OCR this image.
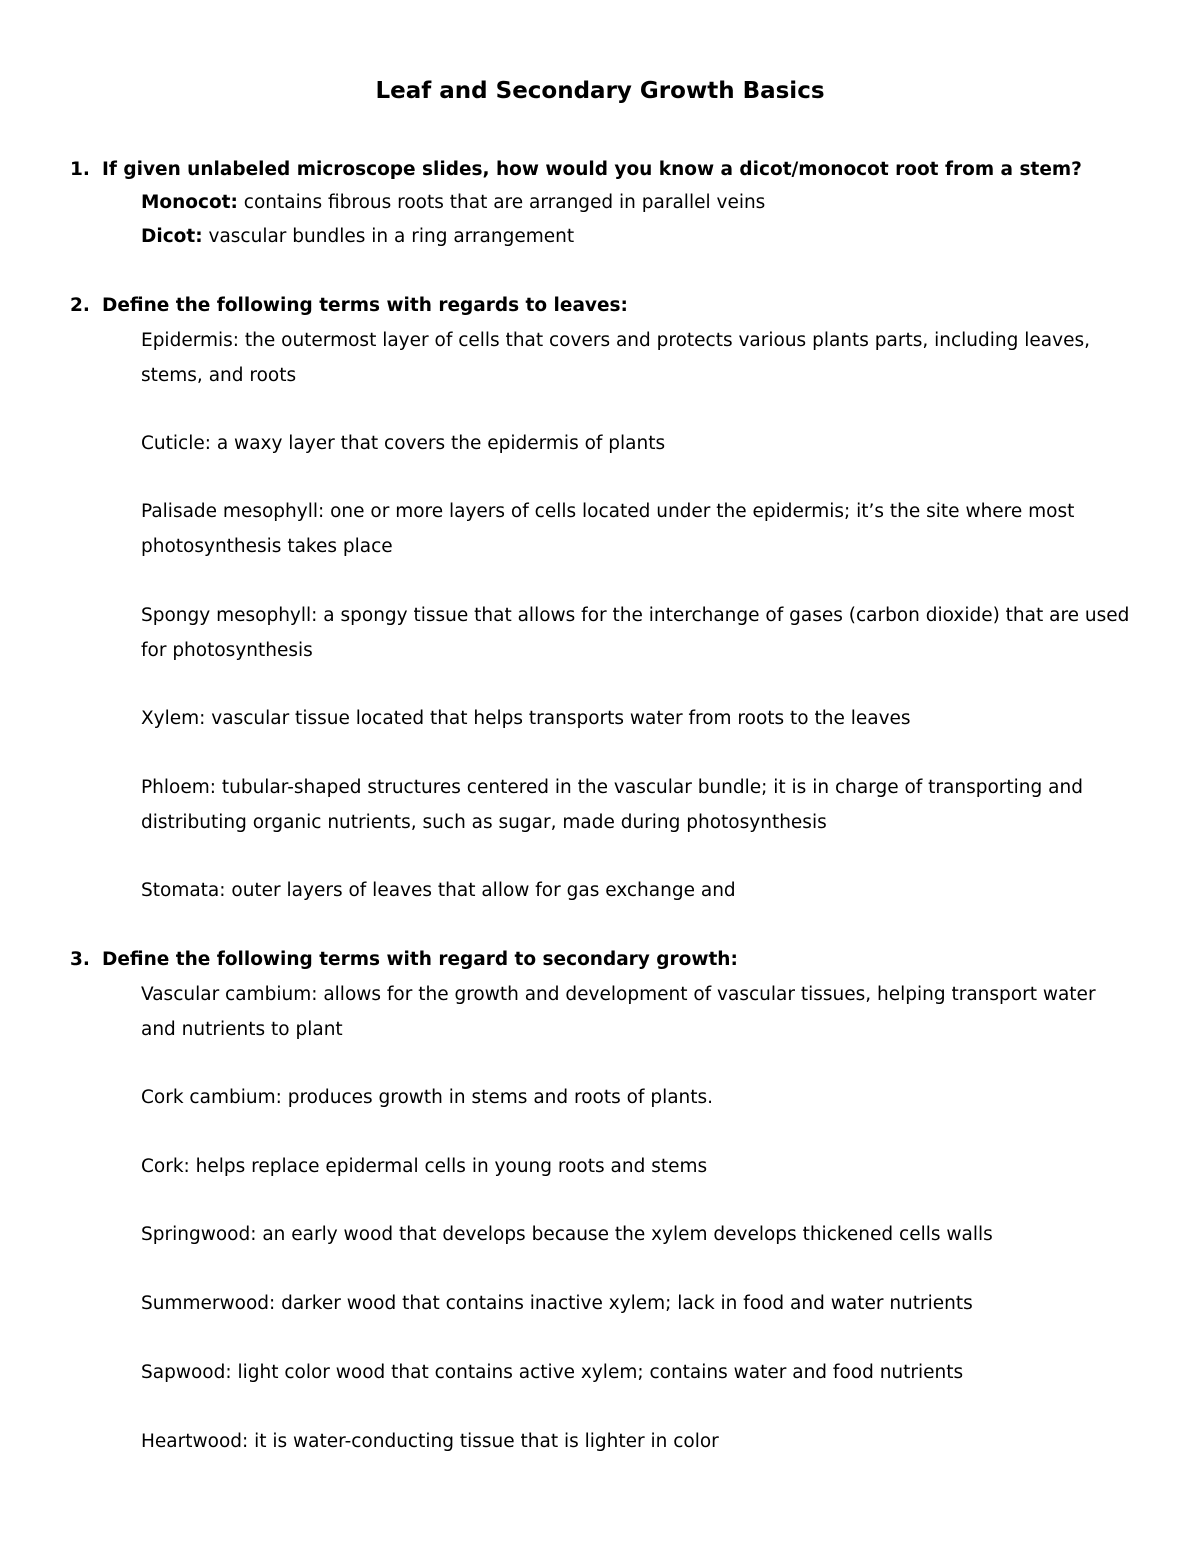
Leaf and Secondary Growth Basics

1. If given unlabeled microscope slides, how would you know a dicot/monocot root from a stem?

Monocot: contains fibrous roots that are arranged in parallel veins

Dicot: vascular bundles in a ring arrangement

2. Define the following terms with regards to leaves:

Epidermis: the outermost layer of cells that covers and protects various plants parts, including leaves, stems, and roots

Cuticle: a waxy layer that covers the epidermis of plants

Palisade mesophyll: one or more layers of cells located under the epidermis; it’s the site where most photosynthesis takes place

Spongy mesophyll: a spongy tissue that allows for the interchange of gases (carbon dioxide) that are used for photosynthesis

Xylem: vascular tissue located that helps transports water from roots to the leaves

Phloem: tubular-shaped structures centered in the vascular bundle; it is in charge of transporting and distributing organic nutrients, such as sugar, made during photosynthesis

Stomata: outer layers of leaves that allow for gas exchange and

3. Define the following terms with regard to secondary growth:

Vascular cambium: allows for the growth and development of vascular tissues, helping transport water and nutrients to plant

Cork cambium: produces growth in stems and roots of plants.

Cork: helps replace epidermal cells in young roots and stems

Springwood: an early wood that develops because the xylem develops thickened cells walls

Summerwood: darker wood that contains inactive xylem; lack in food and water nutrients

Sapwood: light color wood that contains active xylem; contains water and food nutrients

Heartwood: it is water-conducting tissue that is lighter in color
